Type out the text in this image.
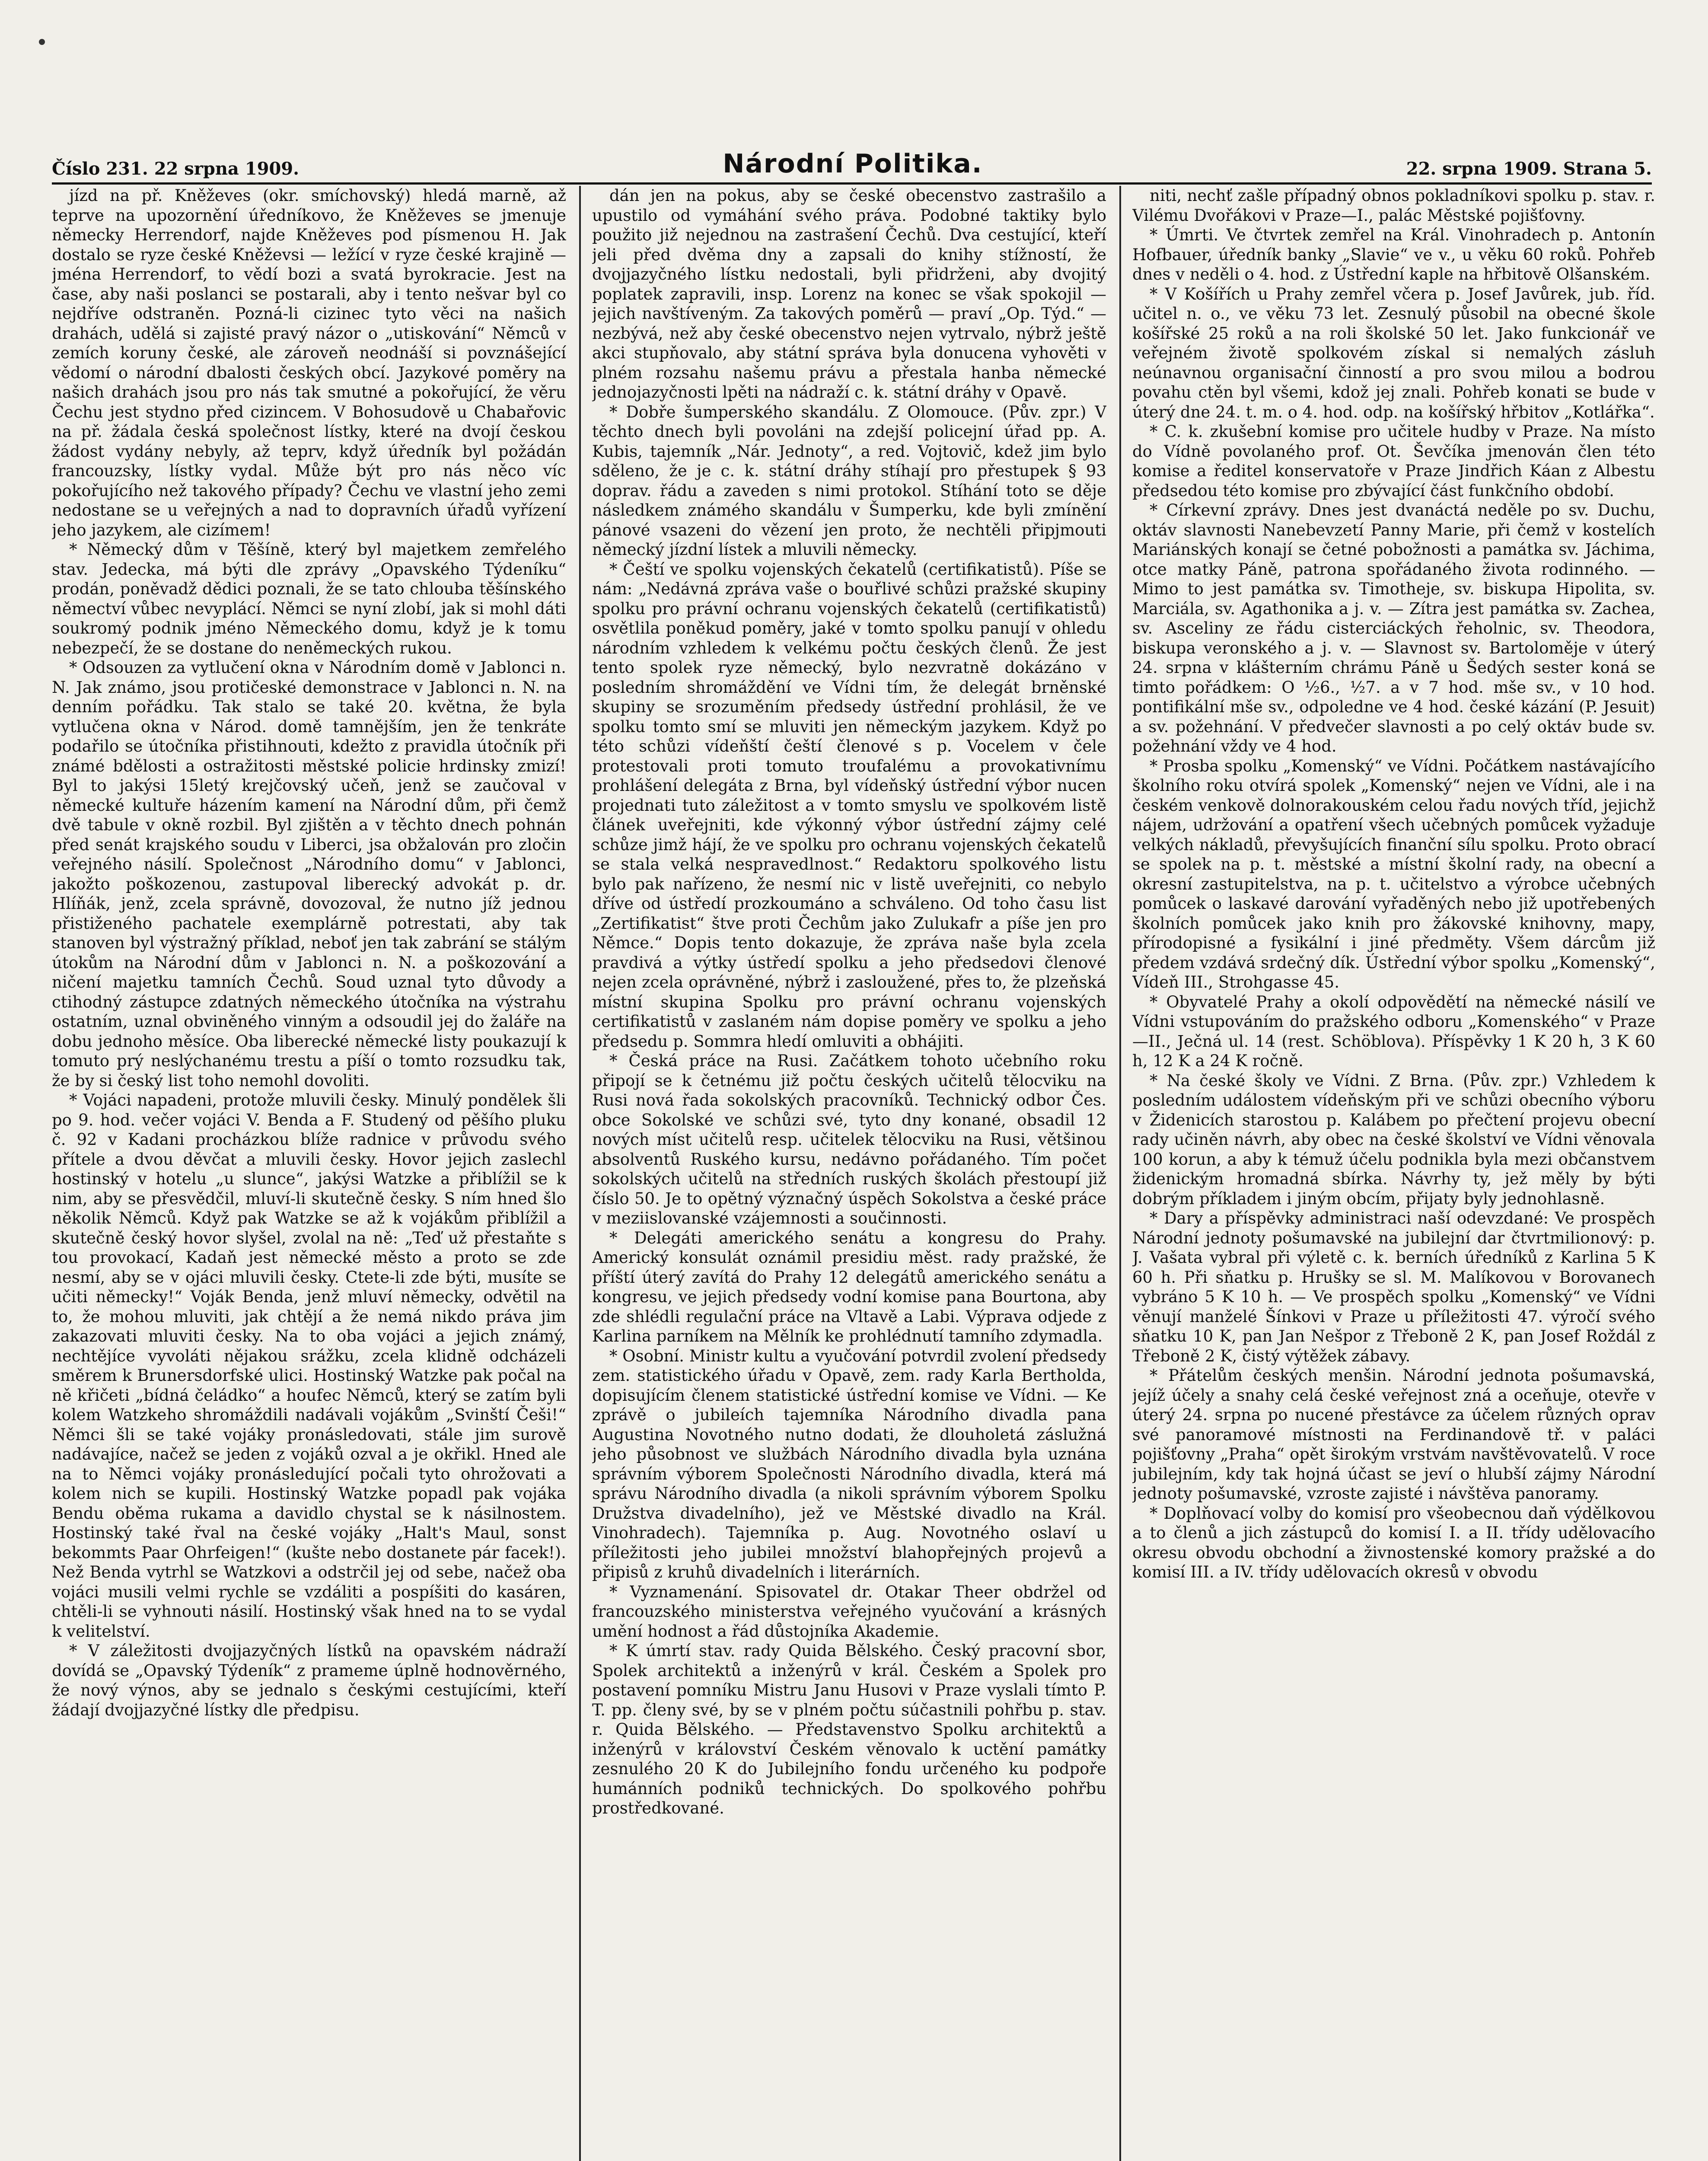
Číslo 231. 22 srpna 1909.	Národní Politika.	22. srpna 1909. Strana 5.

jízd na př. Kněževes (okr. smíchovský) hledá marně, až teprve na upozornění úředníkovo, že Kněževes se jmenuje německy Herrendorf, najde Kněževes pod písmenou H. Jak dostalo se ryze české Kněževsi — ležící v ryze české krajině — jména Herrendorf, to vědí bozi a svatá byrokracie. Jest na čase, aby naši poslanci se postarali, aby i tento nešvar byl co nejdříve odstraněn. Pozná-li cizinec tyto věci na našich drahách, udělá si zajisté pravý názor o „utiskování“ Němců v zemích koruny české, ale zároveň neodnáší si povznášející vědomí o národní dbalosti českých obcí. Jazykové poměry na našich drahách jsou pro nás tak smutné a pokořující, že věru Čechu jest stydno před cizincem. V Bohosudově u Chabařovic na př. žádala česká společnost lístky, které na dvojí českou žádost vydány nebyly, až teprv, když úředník byl požádán francouzsky, lístky vydal. Může být pro nás něco víc pokořujícího než takového případy? Čechu ve vlastní jeho zemi nedostane se u veřejných a nad to dopravních úřadů vyřízení jeho jazykem, ale cizímem!

* Německý dům v Těšíně, který byl majetkem zemřelého stav. Jedecka, má býti dle zprávy „Opavského Týdeníku“ prodán, poněvadž dědici poznali, že se tato chlouba těšínského němectví vůbec nevyplácí. Němci se nyní zlobí, jak si mohl dáti soukromý podnik jméno Německého domu, když je k tomu nebezpečí, že se dostane do neněmeckých rukou.

* Odsouzen za vytlučení okna v Národním domě v Jablonci n. N. Jak známo, jsou protičeské demonstrace v Jablonci n. N. na denním pořádku. Tak stalo se také 20. května, že byla vytlučena okna v Národ. domě tamnějším, jen že tenkráte podařilo se útočníka přistihnouti, kdežto z pravidla útočník při známé bdělosti a ostražitosti městské policie hrdinsky zmizí! Byl to jakýsi 15letý krejčovský učeň, jenž se zaučoval v německé kultuře házením kamení na Národní dům, při čemž dvě tabule v okně rozbil. Byl zjištěn a v těchto dnech pohnán před senát krajského soudu v Liberci, jsa obžalován pro zločin veřejného násilí. Společnost „Národního domu“ v Jablonci, jakožto poškozenou, zastupoval liberecký advokát p. dr. Hlíňák, jenž, zcela správně, dovozoval, že nutno jíž jednou přistiženého pachatele exemplárně potrestati, aby tak stanoven byl výstražný příklad, neboť jen tak zabrání se stálým útokům na Národní dům v Jablonci n. N. a poškozování a ničení majetku tamních Čechů. Soud uznal tyto důvody a ctihodný zástupce zdatných německého útočníka na výstrahu ostatním, uznal obviněného vinným a odsoudil jej do žaláře na dobu jednoho měsíce. Oba liberecké německé listy poukazují k tomuto prý neslýchanému trestu a píší o tomto rozsudku tak, že by si český list toho nemohl dovoliti.

* Vojáci napadeni, protože mluvili česky. Minulý pondělek šli po 9. hod. večer vojáci V. Benda a F. Studený od pěšího pluku č. 92 v Kadani procházkou blíže radnice v průvodu svého přítele a dvou děvčat a mluvili česky. Hovor jejich zaslechl hostinský v hotelu „u slunce“, jakýsi Watzke a přiblížil se k nim, aby se přesvědčil, mluví-li skutečně česky. S ním hned šlo několik Němců. Když pak Watzke se až k vojákům přiblížil a skutečně český hovor slyšel, zvolal na ně: „Teď už přestaňte s tou provokací, Kadaň jest německé město a proto se zde nesmí, aby se v ojáci mluvili česky. Ctete-li zde býti, musíte se učiti německy!“ Voják Benda, jenž mluví německy, odvětil na to, že mohou mluviti, jak chtějí a že nemá nikdo práva jim zakazovati mluviti česky. Na to oba vojáci a jejich známý, nechtějíce vyvoláti nějakou srážku, zcela klidně odcházeli směrem k Brunersdorfské ulici. Hostinský Watzke pak počal na ně křičeti „bídná čeládko“ a houfec Němců, který se zatím byli kolem Watzkeho shromáždili nadávali vojákům „Svinští Češi!“ Němci šli se také vojáky pronásledovati, stále jim surově nadávajíce, načež se jeden z vojáků ozval a je okřikl. Hned ale na to Němci vojáky pronásledující počali tyto ohrožovati a kolem nich se kupili. Hostinský Watzke popadl pak vojáka Bendu oběma rukama a davidlo chystal se k násilnostem. Hostinský také řval na české vojáky „Halt's Maul, sonst bekommts Paar Ohrfeigen!“ (kušte nebo dostanete pár facek!). Než Benda vytrhl se Watzkovi a odstrčil jej od sebe, načež oba vojáci musili velmi rychle se vzdáliti a pospíšiti do kasáren, chtěli-li se vyhnouti násilí. Hostinský však hned na to se vydal k velitelství.

* V záležitosti dvojjazyčných lístků na opavském nádraží dovídá se „Opavský Týdeník“ z prameme úplně hodnověrného, že nový výnos, aby se jednalo s českými cestujícími, kteří žádají dvojjazyčné lístky dle předpisu.

dán jen na pokus, aby se české obecenstvo zastrašilo a upustilo od vymáhání svého práva. Podobné taktiky bylo použito již nejednou na zastrašení Čechů. Dva cestující, kteří jeli před dvěma dny a zapsali do knihy stížností, že dvojjazyčného lístku nedostali, byli přidrženi, aby dvojitý poplatek zapravili, insp. Lorenz na konec se však spokojil — jejich navštíveným. Za takových poměrů — praví „Op. Týd.“ — nezbývá, než aby české obecenstvo nejen vytrvalo, nýbrž ještě akci stupňovalo, aby státní správa byla donucena vyhověti v plném rozsahu našemu právu a přestala hanba německé jednojazyčnosti lpěti na nádraží c. k. státní dráhy v Opavě.

* Dobře šumperského skandálu. Z Olomouce. (Pův. zpr.) V těchto dnech byli povoláni na zdejší policejní úřad pp. A. Kubis, tajemník „Nár. Jednoty“, a red. Vojtovič, kdež jim bylo sděleno, že je c. k. státní dráhy stíhají pro přestupek § 93 doprav. řádu a zaveden s nimi protokol. Stíhání toto se děje následkem známého skandálu v Šumperku, kde byli zmínění pánové vsazeni do vězení jen proto, že nechtěli připjmouti německý jízdní lístek a mluvili německy.

* Čeští ve spolku vojenských čekatelů (certifikatistů). Píše se nám: „Nedávná zpráva vaše o bouřlivé schůzi pražské skupiny spolku pro právní ochranu vojenských čekatelů (certifikatistů) osvětlila poněkud poměry, jaké v tomto spolku panují v ohledu národním vzhledem k velkému počtu českých členů. Že jest tento spolek ryze německý, bylo nezvratně dokázáno v posledním shromáždění ve Vídni tím, že delegát brněnské skupiny se srozuměním předsedy ústřední prohlásil, že ve spolku tomto smí se mluviti jen německým jazykem. Když po této schůzi vídeňští čeští členové s p. Vocelem v čele protestovali proti tomuto troufalému a provokativnímu prohlášení delegáta z Brna, byl vídeňský ústřední výbor nucen projednati tuto záležitost a v tomto smyslu ve spolkovém listě článek uveřejniti, kde výkonný výbor ústřední zájmy celé schůze jimž hájí, že ve spolku pro ochranu vojenských čekatelů se stala velká nespravedlnost.“ Redaktoru spolkového listu bylo pak nařízeno, že nesmí nic v listě uveřejniti, co nebylo dříve od ústředí prozkoumáno a schváleno. Od toho času list „Zertifikatist“ štve proti Čechům jako Zulukafr a píše jen pro Němce.“ Dopis tento dokazuje, že zpráva naše byla zcela pravdivá a výtky ústředí spolku a jeho předsedovi členové nejen zcela oprávněné, nýbrž i zasloužené, přes to, že plzeňská místní skupina Spolku pro právní ochranu vojenských certifikatistů v zaslaném nám dopise poměry ve spolku a jeho předsedu p. Sommra hledí omluviti a obhájiti.

* Česká práce na Rusi. Začátkem tohoto učebního roku připojí se k četnému již počtu českých učitelů tělocviku na Rusi nová řada sokolských pracovníků. Technický odbor Čes. obce Sokolské ve schůzi své, tyto dny konané, obsadil 12 nových míst učitelů resp. učitelek tělocviku na Rusi, většinou absolventů Ruského kursu, nedávno pořádaného. Tím počet sokolských učitelů na středních ruských školách přestoupí již číslo 50. Je to opětný význačný úspěch Sokolstva a české práce v meziislovanské vzájemnosti a součinnosti.

* Delegáti amerického senátu a kongresu do Prahy. Americký konsulát oznámil presidiu měst. rady pražské, že příští úterý zavítá do Prahy 12 delegátů amerického senátu a kongresu, ve jejich předsedy vodní komise pana Bourtona, aby zde shlédli regulační práce na Vltavě a Labi. Výprava odjede z Karlina parníkem na Mělník ke prohlédnutí tamního zdymadla.

* Osobní. Ministr kultu a vyučování potvrdil zvolení předsedy zem. statistického úřadu v Opavě, zem. rady Karla Bertholda, dopisujícím členem statistické ústřední komise ve Vídni. — Ke zprávě o jubileích tajemníka Národního divadla pana Augustina Novotného nutno dodati, že dlouholetá záslužná jeho působnost ve službách Národního divadla byla uznána správním výborem Společnosti Národního divadla, která má správu Národního divadla (a nikoli správním výborem Spolku Družstva divadelního), jež ve Městské divadlo na Král. Vinohradech). Tajemníka p. Aug. Novotného oslaví u příležitosti jeho jubilei množství blahopřejných projevů a připisů z kruhů divadelních i literárních.

* Vyznamenání. Spisovatel dr. Otakar Theer obdržel od francouzského ministerstva veřejného vyučování a krásných umění hodnost a řád důstojníka Akademie.

* K úmrtí stav. rady Quida Bělského. Český pracovní sbor, Spolek architektů a inženýrů v král. Českém a Spolek pro postavení pomníku Mistru Janu Husovi v Praze vyslali tímto P. T. pp. členy své, by se v plném počtu súčastnili pohřbu p. stav. r. Quida Bělského. — Představenstvo Spolku architektů a inženýrů v království Českém věnovalo k uctění památky zesnulého 20 K do Jubilejního fondu určeného ku podpoře humánních podniků technických. Do spolkového pohřbu prostředkované.

niti, nechť zašle případný obnos pokladníkovi spolku p. stav. r. Vilému Dvořákovi v Praze—I., palác Městské pojišťovny.

* Úmrti. Ve čtvrtek zemřel na Král. Vinohradech p. Antonín Hofbauer, úředník banky „Slavie“ ve v., u věku 60 roků. Pohřeb dnes v neděli o 4. hod. z Ústřední kaple na hřbitově Olšanském.

* V Košířích u Prahy zemřel včera p. Josef Javůrek, jub. říd. učitel n. o., ve věku 73 let. Zesnulý působil na obecné škole košířské 25 roků a na roli školské 50 let. Jako funkcionář ve veřejném životě spolkovém získal si nemalých zásluh neúnavnou organisační činností a pro svou milou a bodrou povahu ctěn byl všemi, kdož jej znali. Pohřeb konati se bude v úterý dne 24. t. m. o 4. hod. odp. na košířský hřbitov „Kotlářka“.

* C. k. zkušební komise pro učitele hudby v Praze. Na místo do Vídně povolaného prof. Ot. Ševčíka jmenován člen této komise a ředitel konservatoře v Praze Jindřich Káan z Albestu předsedou této komise pro zbývající část funkčního období.

* Církevní zprávy. Dnes jest dvanáctá neděle po sv. Duchu, oktáv slavnosti Nanebevzetí Panny Marie, při čemž v kostelích Mariánských konají se četné pobožnosti a památka sv. Jáchima, otce matky Páně, patrona spořádaného života rodinného. — Mimo to jest památka sv. Timotheje, sv. biskupa Hipolita, sv. Marciála, sv. Agathonika a j. v. — Zítra jest památka sv. Zachea, sv. Asceliny ze řádu cisterciáckých řeholnic, sv. Theodora, biskupa veronského a j. v. — Slavnost sv. Bartoloměje v úterý 24. srpna v klášterním chrámu Páně u Šedých sester koná se timto pořádkem: O ½6., ½7. a v 7 hod. mše sv., v 10 hod. pontifikální mše sv., odpoledne ve 4 hod. české kázání (P. Jesuit) a sv. požehnání. V předvečer slavnosti a po celý oktáv bude sv. požehnání vždy ve 4 hod.

* Prosba spolku „Komenský“ ve Vídni. Počátkem nastávajícího školního roku otvírá spolek „Komenský“ nejen ve Vídni, ale i na českém venkově dolnorakouském celou řadu nových tříd, jejichž nájem, udržování a opatření všech učebných pomůcek vyžaduje velkých nákladů, převyšujících finanční sílu spolku. Proto obrací se spolek na p. t. městské a místní školní rady, na obecní a okresní zastupitelstva, na p. t. učitelstvo a výrobce učebných pomůcek o laskavé darování vyřaděných nebo již upotřebených školních pomůcek jako knih pro žákovské knihovny, mapy, přírodopisné a fysikální i jiné předměty. Všem dárcům již předem vzdává srdečný dík. Ústřední výbor spolku „Komenský“, Vídeň III., Strohgasse 45.

* Obyvatelé Prahy a okolí odpovědětí na německé násilí ve Vídni vstupováním do pražského odboru „Komenského“ v Praze—II., Ječná ul. 14 (rest. Schöblova). Příspěvky 1 K 20 h, 3 K 60 h, 12 K a 24 K ročně.

* Na české školy ve Vídni. Z Brna. (Pův. zpr.) Vzhledem k posledním událostem vídeňským při ve schůzi obecního výboru v Židenicích starostou p. Kalábem po přečtení projevu obecní rady učiněn návrh, aby obec na české školství ve Vídni věnovala 100 korun, a aby k témuž účelu podnikla byla mezi občanstvem židenickým hromadná sbírka. Návrhy ty, jež měly by býti dobrým příkladem i jiným obcím, přijaty byly jednohlasně.

* Dary a příspěvky administraci naší odevzdané: Ve prospěch Národní jednoty pošumavské na jubilejní dar čtvrtmilionový: p. J. Vašata vybral při výletě c. k. berních úředníků z Karlina 5 K 60 h. Při sňatku p. Hrušky se sl. M. Malíkovou v Borovanech vybráno 5 K 10 h. — Ve prospěch spolku „Komenský“ ve Vídni věnují manželé Šínkovi v Praze u příležitosti 47. výročí svého sňatku 10 K, pan Jan Nešpor z Třeboně 2 K, pan Josef Roždál z Třeboně 2 K, čistý výtěžek zábavy.

* Přátelům českých menšin. Národní jednota pošumavská, jejíž účely a snahy celá české veřejnost zná a oceňuje, otevře v úterý 24. srpna po nucené přestávce za účelem různých oprav své panoramové místnosti na Ferdinandově tř. v paláci pojišťovny „Praha“ opět širokým vrstvám navštěvovatelů. V roce jubilejním, kdy tak hojná účast se jeví o hlubší zájmy Národní jednoty pošumavské, vzroste zajisté i návštěva panoramy.

* Doplňovací volby do komisí pro všeobecnou daň výdělkovou a to členů a jich zástupců do komisí I. a II. třídy udělovacího okresu obvodu obchodní a živnostenské komory pražské a do komisí III. a IV. třídy udělovacích okresů v obvodu
